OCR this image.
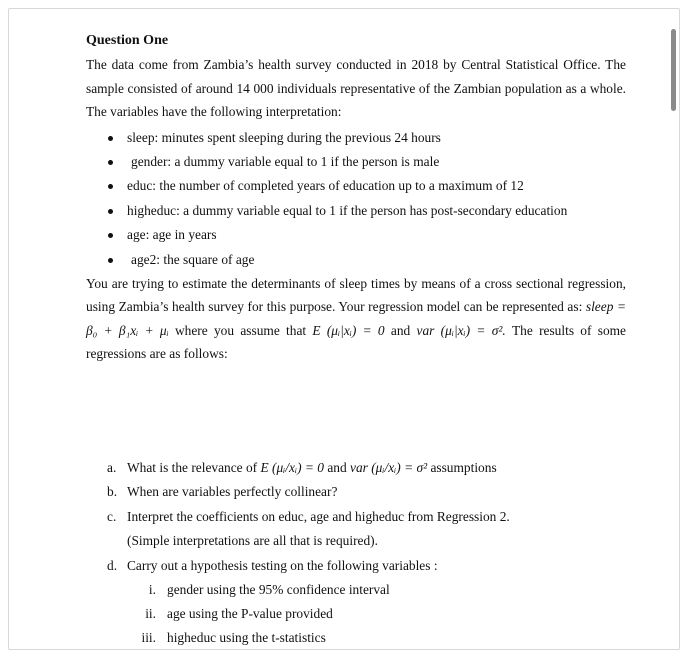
Question One

The data come from Zambia’s health survey conducted in 2018 by Central Statistical Office. The sample consisted of around 14 000 individuals representative of the Zambian population as a whole. The variables have the following interpretation:

sleep: minutes spent sleeping during the previous 24 hours
gender: a dummy variable equal to 1 if the person is male
educ: the number of completed years of education up to a maximum of 12
higheduc: a dummy variable equal to 1 if the person has post-secondary education
age: age in years
age2: the square of age

You are trying to estimate the determinants of sleep times by means of a cross sectional regression, using Zambia’s health survey for this purpose. Your regression model can be represented as: sleep = β₀ + β₁xᵢ + μᵢ where you assume that E (μᵢ|xᵢ) = 0 and var (μᵢ|xᵢ) = σ². The results of some regressions are as follows:

a. What is the relevance of E (μᵢ/xᵢ) = 0 and var (μᵢ/xᵢ) = σ² assumptions
b. When are variables perfectly collinear?
c. Interpret the coefficients on educ, age and higheduc from Regression 2.
(Simple interpretations are all that is required).
d. Carry out a hypothesis testing on the following variables :
i. gender using the 95% confidence interval
ii. age using the P-value provided
iii. higheduc using the t-statistics
